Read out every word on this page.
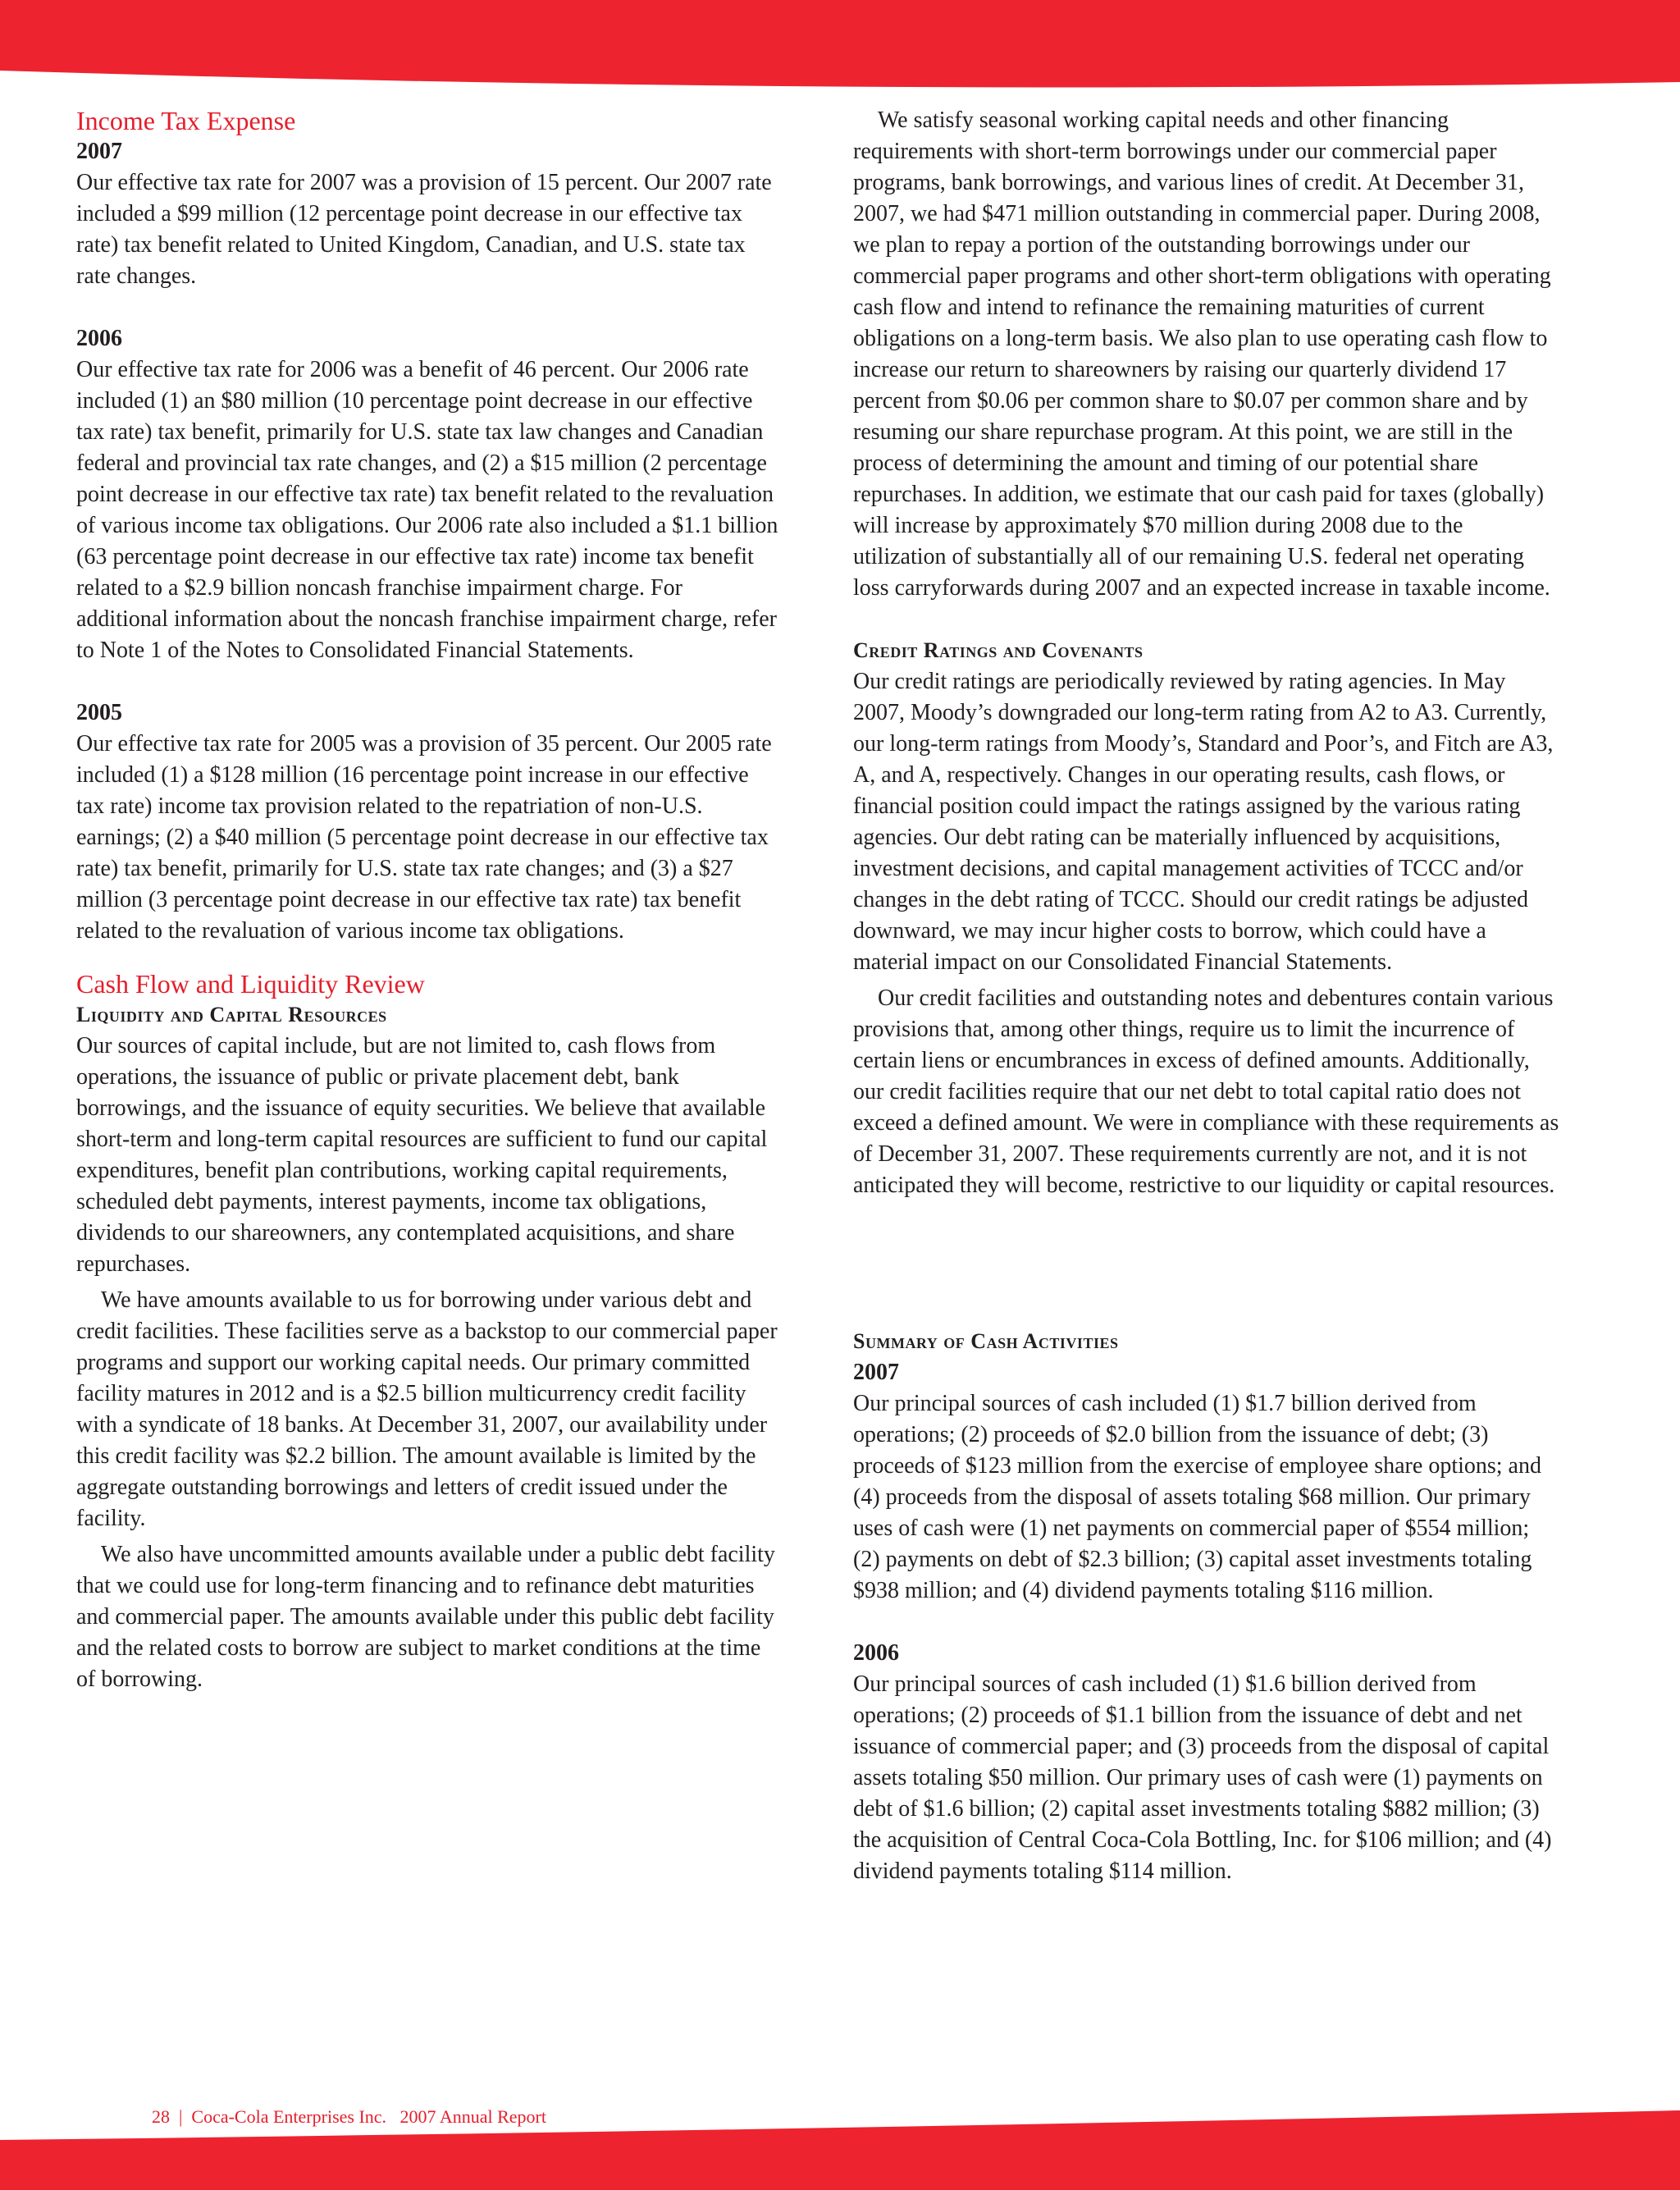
Income Tax Expense
2007

Our effective tax rate for 2007 was a provision of 15 percent. Our 2007 rate included a $99 million (12 percentage point decrease in our effective tax rate) tax benefit related to United Kingdom, Canadian, and U.S. state tax rate changes.

2006

Our effective tax rate for 2006 was a benefit of 46 percent. Our 2006 rate included (1) an $80 million (10 percentage point decrease in our effective tax rate) tax benefit, primarily for U.S. state tax law changes and Canadian federal and provincial tax rate changes, and (2) a $15 million (2 percentage point decrease in our effective tax rate) tax benefit related to the revaluation of various income tax obligations. Our 2006 rate also included a $1.1 billion (63 percentage point decrease in our effective tax rate) income tax benefit related to a $2.9 billion noncash franchise impairment charge. For additional information about the noncash franchise impairment charge, refer to Note 1 of the Notes to Consolidated Financial Statements.

2005

Our effective tax rate for 2005 was a provision of 35 percent. Our 2005 rate included (1) a $128 million (16 percentage point increase in our effective tax rate) income tax provision related to the repatriation of non-U.S. earnings; (2) a $40 million (5 percentage point decrease in our effective tax rate) tax benefit, primarily for U.S. state tax rate changes; and (3) a $27 million (3 percentage point decrease in our effective tax rate) tax benefit related to the revaluation of various income tax obligations.

Cash Flow and Liquidity Review
Liquidity and Capital Resources

Our sources of capital include, but are not limited to, cash flows from operations, the issuance of public or private placement debt, bank borrowings, and the issuance of equity securities. We believe that available short-term and long-term capital resources are sufficient to fund our capital expenditures, benefit plan contributions, working capital requirements, scheduled debt payments, interest payments, income tax obligations, dividends to our shareowners, any contemplated acquisitions, and share repurchases.

We have amounts available to us for borrowing under various debt and credit facilities. These facilities serve as a backstop to our commercial paper programs and support our working capital needs. Our primary committed facility matures in 2012 and is a $2.5 billion multicurrency credit facility with a syndicate of 18 banks. At December 31, 2007, our availability under this credit facility was $2.2 billion. The amount available is limited by the aggregate outstanding borrowings and letters of credit issued under the facility.

We also have uncommitted amounts available under a public debt facility that we could use for long-term financing and to refinance debt maturities and commercial paper. The amounts available under this public debt facility and the related costs to borrow are subject to market conditions at the time of borrowing.

We satisfy seasonal working capital needs and other financing requirements with short-term borrowings under our commercial paper programs, bank borrowings, and various lines of credit. At December 31, 2007, we had $471 million outstanding in commercial paper. During 2008, we plan to repay a portion of the outstanding borrowings under our commercial paper programs and other short-term obligations with operating cash flow and intend to refinance the remaining maturities of current obligations on a long-term basis. We also plan to use operating cash flow to increase our return to shareowners by raising our quarterly dividend 17 percent from $0.06 per common share to $0.07 per common share and by resuming our share repurchase program. At this point, we are still in the process of determining the amount and timing of our potential share repurchases. In addition, we estimate that our cash paid for taxes (globally) will increase by approximately $70 million during 2008 due to the utilization of substantially all of our remaining U.S. federal net operating loss carryforwards during 2007 and an expected increase in taxable income.

Credit Ratings and Covenants

Our credit ratings are periodically reviewed by rating agencies. In May 2007, Moody’s downgraded our long-term rating from A2 to A3. Currently, our long-term ratings from Moody’s, Standard and Poor’s, and Fitch are A3, A, and A, respectively. Changes in our operating results, cash flows, or financial position could impact the ratings assigned by the various rating agencies. Our debt rating can be materially influenced by acquisitions, investment decisions, and capital management activities of TCCC and/or changes in the debt rating of TCCC. Should our credit ratings be adjusted downward, we may incur higher costs to borrow, which could have a material impact on our Consolidated Financial Statements.

Our credit facilities and outstanding notes and debentures contain various provisions that, among other things, require us to limit the incurrence of certain liens or encumbrances in excess of defined amounts. Additionally, our credit facilities require that our net debt to total capital ratio does not exceed a defined amount. We were in compliance with these requirements as of December 31, 2007. These requirements currently are not, and it is not anticipated they will become, restrictive to our liquidity or capital resources.

Summary of Cash Activities
2007

Our principal sources of cash included (1) $1.7 billion derived from operations; (2) proceeds of $2.0 billion from the issuance of debt; (3) proceeds of $123 million from the exercise of employee share options; and (4) proceeds from the disposal of assets totaling $68 million. Our primary uses of cash were (1) net payments on commercial paper of $554 million; (2) payments on debt of $2.3 billion; (3) capital asset investments totaling $938 million; and (4) dividend payments totaling $116 million.

2006

Our principal sources of cash included (1) $1.6 billion derived from operations; (2) proceeds of $1.1 billion from the issuance of debt and net issuance of commercial paper; and (3) proceeds from the disposal of capital assets totaling $50 million. Our primary uses of cash were (1) payments on debt of $1.6 billion; (2) capital asset investments totaling $882 million; (3) the acquisition of Central Coca-Cola Bottling, Inc. for $106 million; and (4) dividend payments totaling $114 million.

28  |  Coca-Cola Enterprises Inc.   2007 Annual Report
